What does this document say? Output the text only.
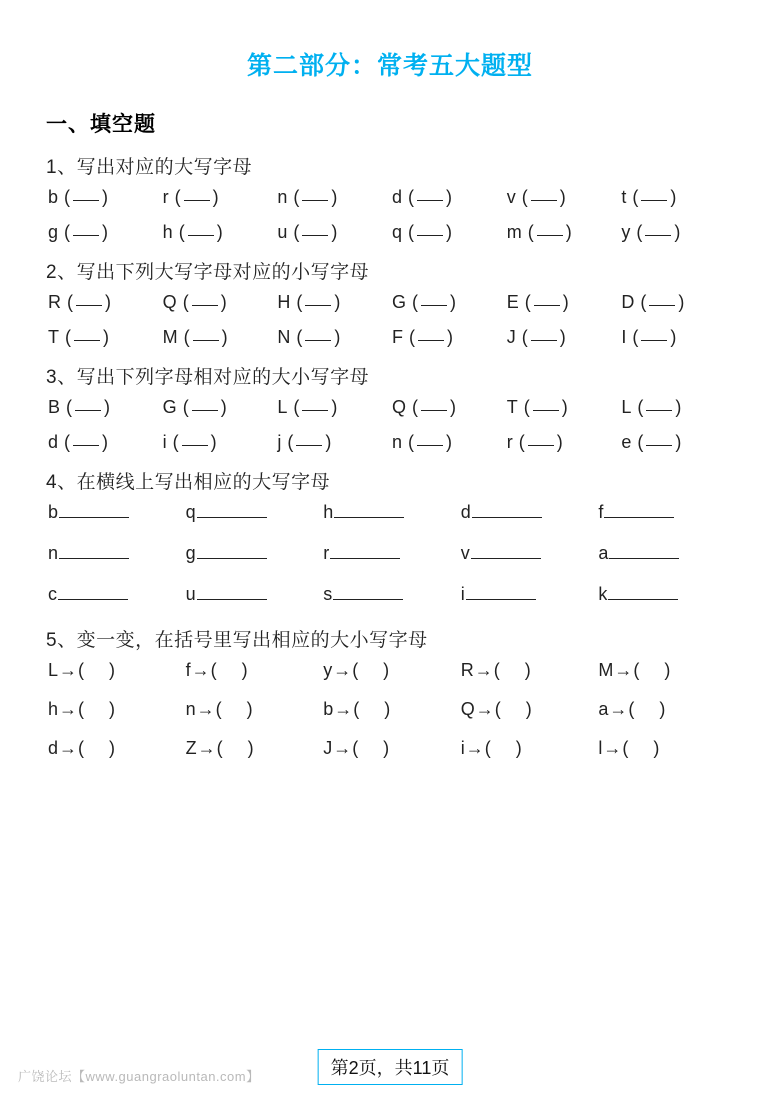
第二部分：常考五大题型
一、填空题
1、写出对应的大写字母
b ( )	r ( )	n ( )	d ( )	v ( )	t ( )
g ( )	h ( )	u ( )	q ( )	m ( )	y ( )
2、写出下列大写字母对应的小写字母
R ( )	Q ( )	H ( )	G ( )	E ( )	D ( )
T ( )	M ( )	N ( )	F ( )	J ( )	I ( )
3、写出下列字母相对应的大小写字母
B ( )	G ( )	L ( )	Q ( )	T ( )	L ( )
d ( )	i ( )	j ( )	n ( )	r ( )	e ( )
4、在横线上写出相应的大写字母
b	q	h	d	f
n	g	r	v	a
c	u	s	i	k
5、变一变，在括号里写出相应的大小写字母
L→(     )	f→(     )	y→(     )	R→(     )	M→(     )
h→(     )	n→(     )	b→(     )	Q→(     )	a→(     )
d→(     )	Z→(     )	J→(     )	i→(     )	l→(     )
广饶论坛【www.guangraoluntan.com】	第2页，共11页
